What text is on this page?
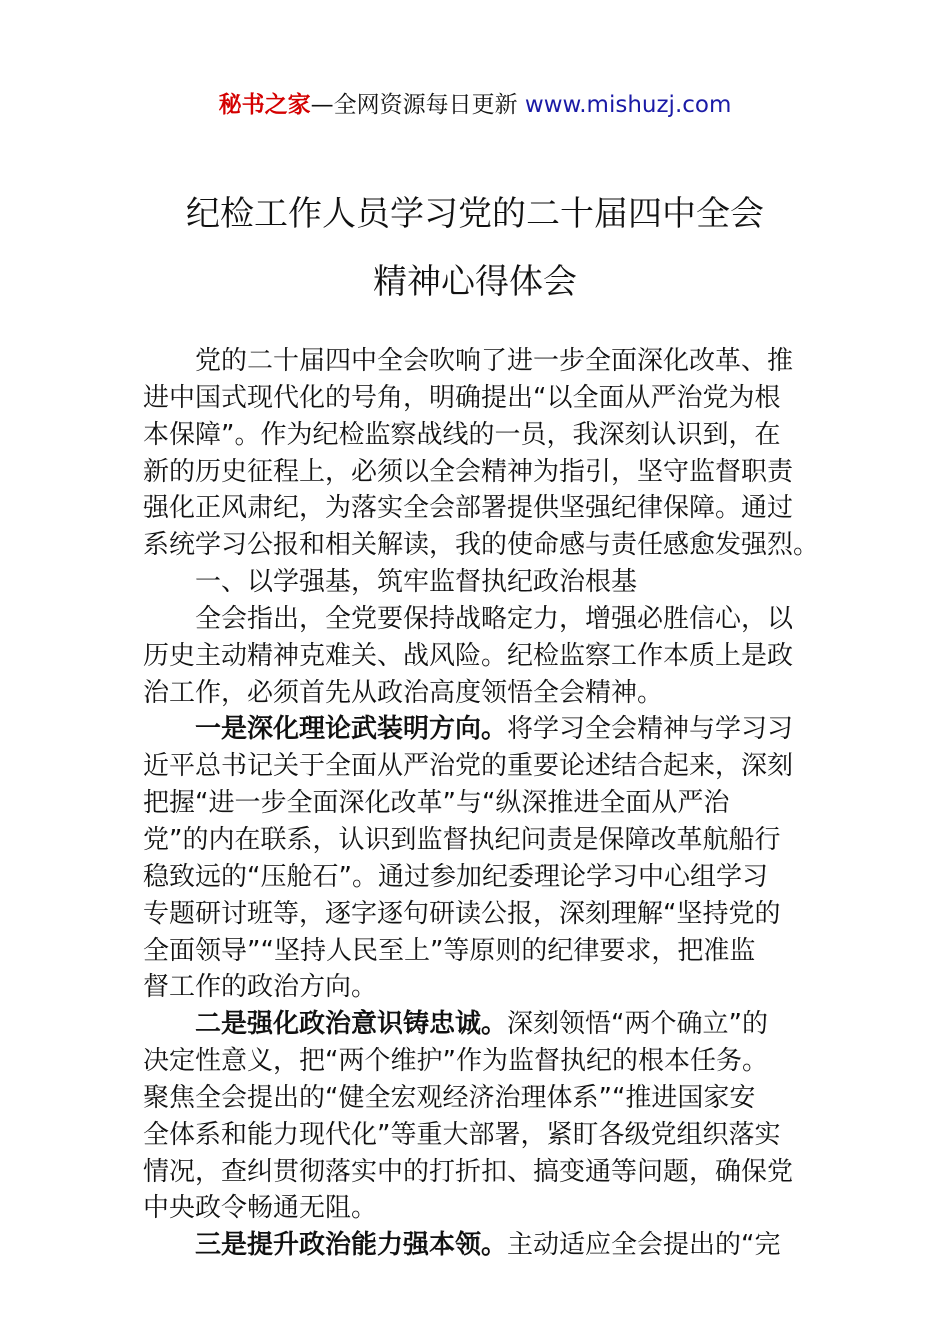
秘书之家—全网资源每日更新 www.mishuzj.com
纪检工作人员学习党的二十届四中全会
精神心得体会
党的二十届四中全会吹响了进一步全面深化改革、推
进中国式现代化的号角，明确提出“以全面从严治党为根
本保障”。作为纪检监察战线的一员，我深刻认识到，在
新的历史征程上，必须以全会精神为指引，坚守监督职责
强化正风肃纪，为落实全会部署提供坚强纪律保障。通过
系统学习公报和相关解读，我的使命感与责任感愈发强烈。
一、以学强基，筑牢监督执纪政治根基
全会指出，全党要保持战略定力，增强必胜信心，以
历史主动精神克难关、战风险。纪检监察工作本质上是政
治工作，必须首先从政治高度领悟全会精神。
一是深化理论武装明方向。将学习全会精神与学习习
近平总书记关于全面从严治党的重要论述结合起来，深刻
把握“进一步全面深化改革”与“纵深推进全面从严治
党”的内在联系，认识到监督执纪问责是保障改革航船行
稳致远的“压舱石”。通过参加纪委理论学习中心组学习
专题研讨班等，逐字逐句研读公报，深刻理解“坚持党的
全面领导”“坚持人民至上”等原则的纪律要求，把准监
督工作的政治方向。
二是强化政治意识铸忠诚。深刻领悟“两个确立”的
决定性意义，把“两个维护”作为监督执纪的根本任务。
聚焦全会提出的“健全宏观经济治理体系”“推进国家安
全体系和能力现代化”等重大部署，紧盯各级党组织落实
情况，查纠贯彻落实中的打折扣、搞变通等问题，确保党
中央政令畅通无阻。
三是提升政治能力强本领。主动适应全会提出的“完
